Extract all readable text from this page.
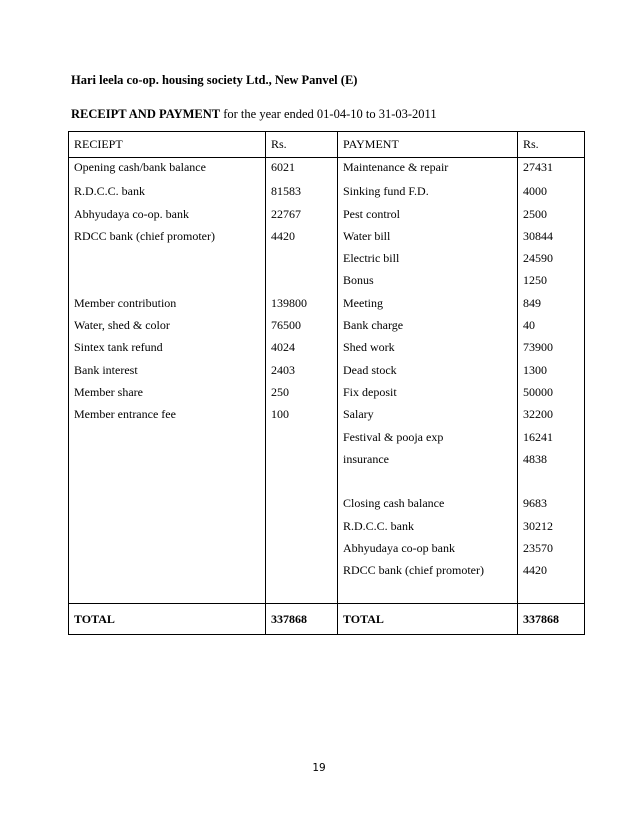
Hari leela co-op. housing society Ltd., New Panvel (E)
RECEIPT AND PAYMENT for the year ended 01-04-10 to 31-03-2011
RECIEPT	Rs.	PAYMENT	Rs.
Opening cash/bank balance	6021	Maintenance & repair	27431
R.D.C.C. bank	81583	Sinking fund F.D.	4000
Abhyudaya co-op. bank	22767	Pest control	2500
RDCC bank (chief promoter)	4420	Water bill	30844
		Electric bill	24590
		Bonus	1250
Member contribution	139800	Meeting	849
Water, shed & color	76500	Bank charge	40
Sintex tank refund	4024	Shed work	73900
Bank interest	2403	Dead stock	1300
Member share	250	Fix deposit	50000
Member entrance fee	100	Salary	32200
		Festival & pooja exp	16241
		insurance	4838

		Closing cash balance	9683
		R.D.C.C. bank	30212
		Abhyudaya co-op bank	23570
		RDCC bank (chief promoter)	4420

TOTAL	337868	TOTAL	337868
19
